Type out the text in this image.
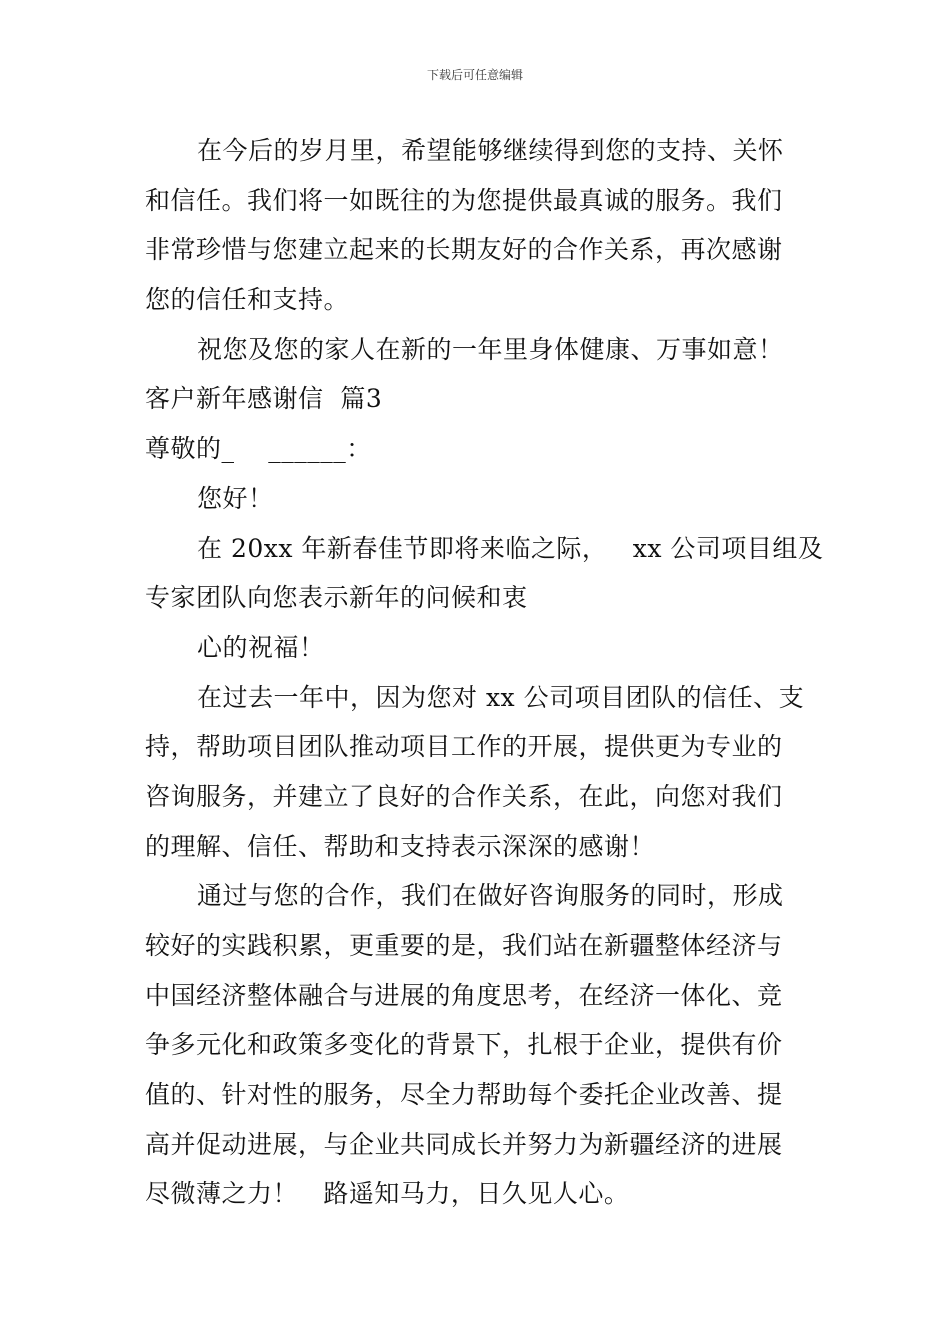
下载后可任意编辑
在今后的岁月里，希望能够继续得到您的支持、关怀
和信任。我们将一如既往的为您提供最真诚的服务。我们
非常珍惜与您建立起来的长期友好的合作关系，再次感谢
您的信任和支持。
祝您及您的家人在新的一年里身体健康、万事如意！
客户新年感谢信  篇3
尊敬的_    ______：
您好！
在 20xx 年新春佳节即将来临之际，   xx 公司项目组及
专家团队向您表示新年的问候和衷
心的祝福！
在过去一年中，因为您对 xx 公司项目团队的信任、支
持，帮助项目团队推动项目工作的开展，提供更为专业的
咨询服务，并建立了良好的合作关系，在此，向您对我们
的理解、信任、帮助和支持表示深深的感谢！
通过与您的合作，我们在做好咨询服务的同时，形成
较好的实践积累，更重要的是，我们站在新疆整体经济与
中国经济整体融合与进展的角度思考，在经济一体化、竞
争多元化和政策多变化的背景下，扎根于企业，提供有价
值的、针对性的服务，尽全力帮助每个委托企业改善、提
高并促动进展，与企业共同成长并努力为新疆经济的进展
尽微薄之力！   路遥知马力，日久见人心。
